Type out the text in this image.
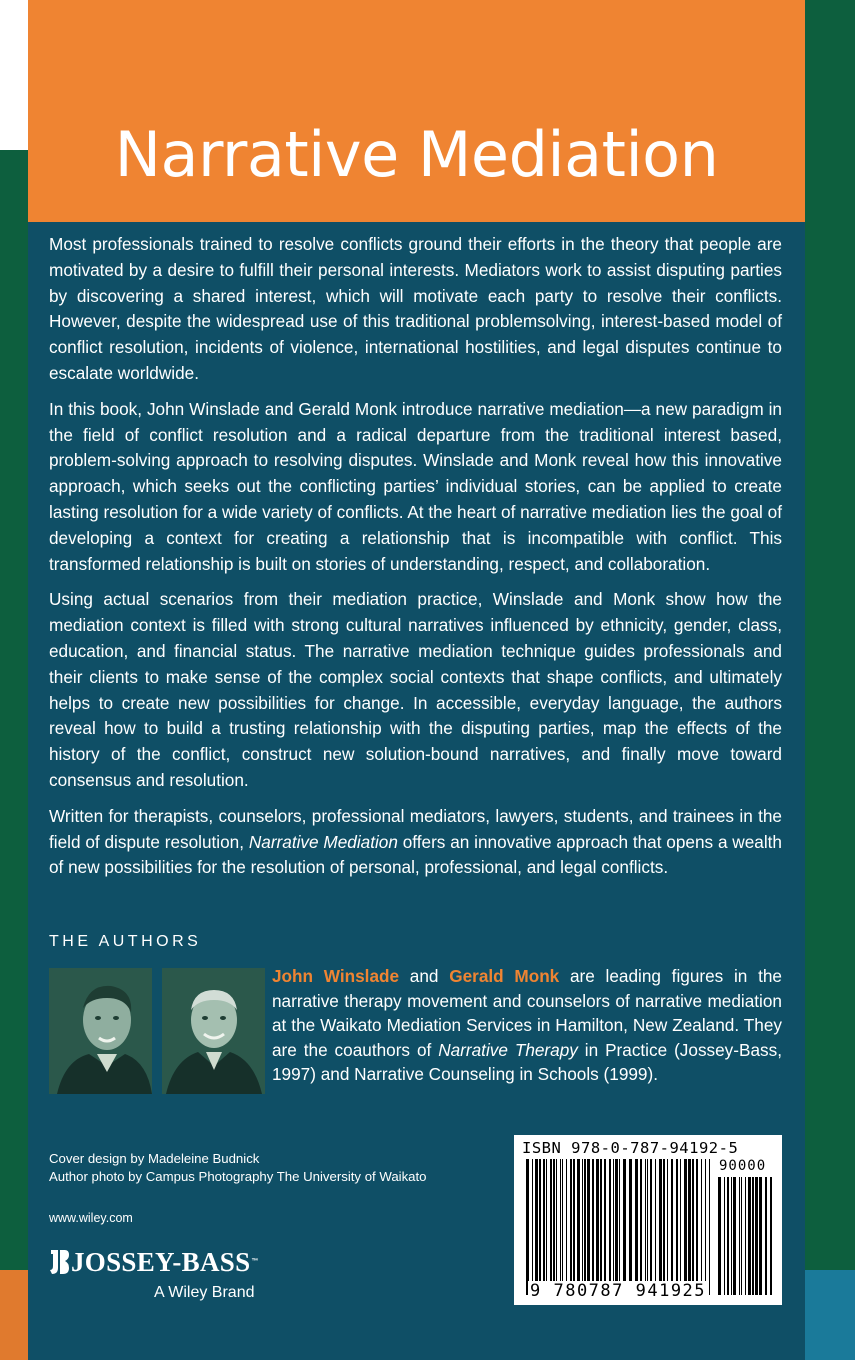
Narrative Mediation

Most professionals trained to resolve conflicts ground their efforts in the theory that people are motivated by a desire to fulfill their personal interests. Mediators work to assist disputing parties by discovering a shared interest, which will motivate each party to resolve their conflicts. However, despite the widespread use of this traditional problemsolving, interest-based model of conflict resolution, incidents of violence, international hostilities, and legal disputes continue to escalate worldwide.

In this book, John Winslade and Gerald Monk introduce narrative mediation—a new paradigm in the field of conflict resolution and a radical departure from the traditional interest based, problem-solving approach to resolving disputes. Winslade and Monk reveal how this innovative approach, which seeks out the conflicting parties’ individual stories, can be applied to create lasting resolution for a wide variety of conflicts. At the heart of narrative mediation lies the goal of developing a context for creating a relationship that is incompatible with conflict. This transformed relationship is built on stories of understanding, respect, and collaboration.

Using actual scenarios from their mediation practice, Winslade and Monk show how the mediation context is filled with strong cultural narratives influenced by ethnicity, gender, class, education, and financial status. The narrative mediation technique guides professionals and their clients to make sense of the complex social contexts that shape conflicts, and ultimately helps to create new possibilities for change. In accessible, everyday language, the authors reveal how to build a trusting relationship with the disputing parties, map the effects of the history of the conflict, construct new solution-bound narratives, and finally move toward consensus and resolution.

Written for therapists, counselors, professional mediators, lawyers, students, and trainees in the field of dispute resolution, Narrative Mediation offers an innovative approach that opens a wealth of new possibilities for the resolution of personal, professional, and legal conflicts.

THE AUTHORS
John Winslade and Gerald Monk are leading figures in the narrative therapy movement and counselors of narrative mediation at the Waikato Mediation Services in Hamilton, New Zealand. They are the coauthors of Narrative Therapy in Practice (Jossey-Bass, 1997) and Narrative Counseling in Schools (1999).
Cover design by Madeleine Budnick
Author photo by Campus Photography The University of Waikato
www.wiley.com
JOSSEY-BASS™
A Wiley Brand
ISBN 978-0-787-94192-5
90000
9 780787 941925
